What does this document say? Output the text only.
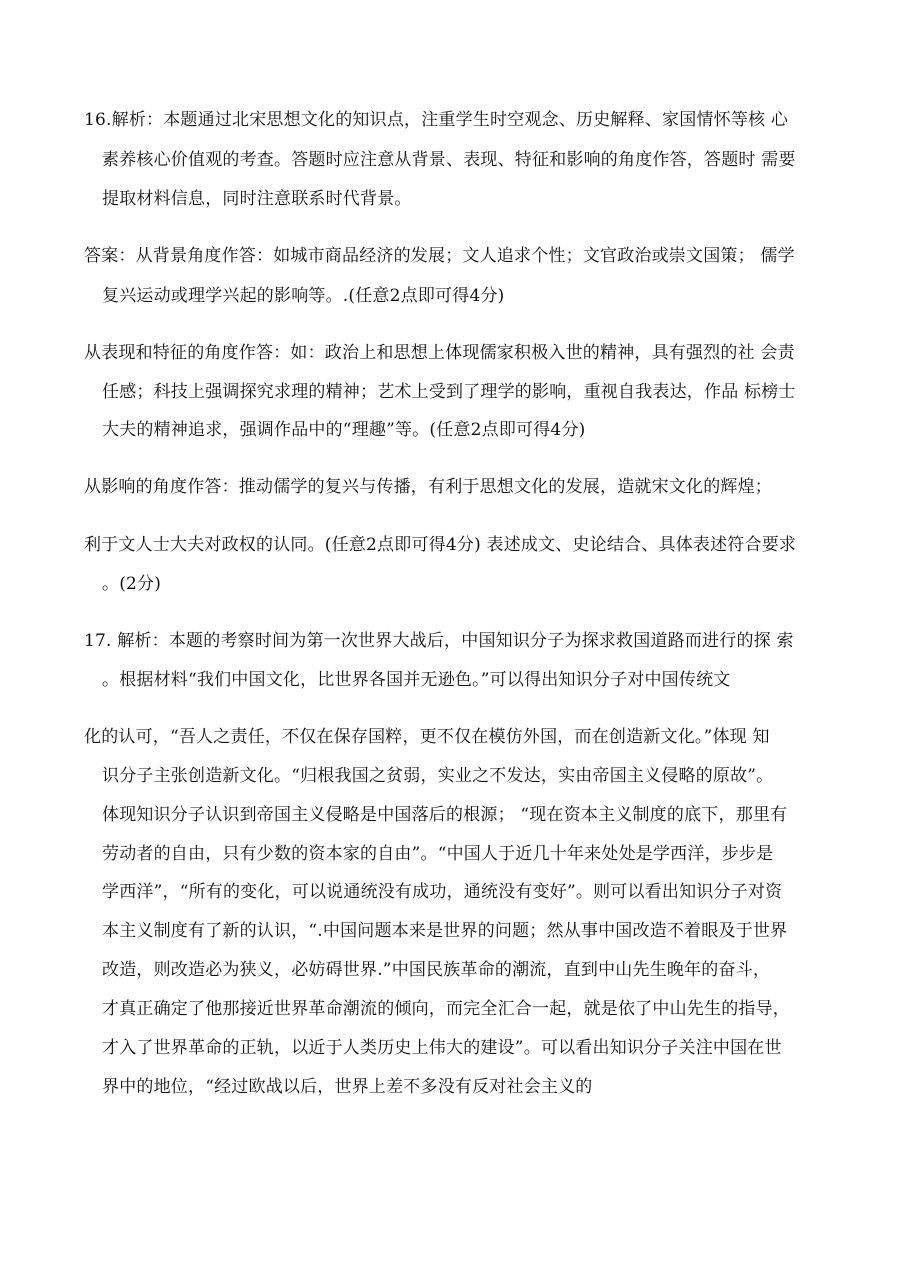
16.解析：本题通过北宋思想文化的知识点，注重学生时空观念、历史解释、家国情怀等核 心
素养核心价值观的考查。答题时应注意从背景、表现、特征和影响的角度作答，答题时 需要
提取材料信息，同时注意联系时代背景。
答案：从背景角度作答：如城市商品经济的发展；文人追求个性；文官政治或崇文国策； 儒学
复兴运动或理学兴起的影响等。.(任意2点即可得4分)
从表现和特征的角度作答：如：政治上和思想上体现儒家积极入世的精神，具有强烈的社 会责
任感；科技上强调探究求理的精神；艺术上受到了理学的影响，重视自我表达，作品 标榜士
大夫的精神追求，强调作品中的“理趣”等。(任意2点即可得4分)
从影响的角度作答：推动儒学的复兴与传播，有利于思想文化的发展，造就宋文化的辉煌；
利于文人士大夫对政权的认同。(任意2点即可得4分) 表述成文、史论结合、具体表述符合要求
。(2分)
17. 解析：本题的考察时间为第一次世界大战后，中国知识分子为探求救国道路而进行的探 索
。根据材料“我们中国文化，比世界各国并无逊色。”可以得出知识分子对中国传统文
化的认可，“吾人之责任，不仅在保存国粹，更不仅在模仿外国，而在创造新文化。”体现 知
识分子主张创造新文化。“归根我国之贫弱，实业之不发达，实由帝国主义侵略的原故”。
体现知识分子认识到帝国主义侵略是中国落后的根源； “现在资本主义制度的底下，那里有
劳动者的自由，只有少数的资本家的自由”。“中国人于近几十年来处处是学西洋，步步是
学西洋”，“所有的变化，可以说通统没有成功，通统没有变好”。则可以看出知识分子对资
本主义制度有了新的认识，“.中国问题本来是世界的问题；然从事中国改造不着眼及于世界
改造，则改造必为狭义，必妨碍世界.”中国民族革命的潮流，直到中山先生晚年的奋斗，
才真正确定了他那接近世界革命潮流的倾向，而完全汇合一起，就是依了中山先生的指导，
才入了世界革命的正轨，以近于人类历史上伟大的建设”。可以看出知识分子关注中国在世
界中的地位，“经过欧战以后，世界上差不多没有反对社会主义的
